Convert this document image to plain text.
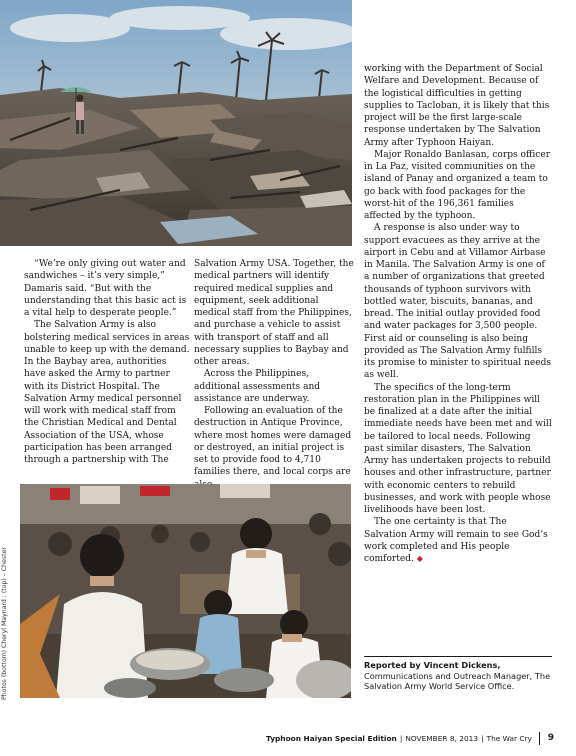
“We’re only giving out water and sandwiches – it’s very simple,” Damaris said. “But with the understanding that this basic act is a vital help to desperate people.”

The Salvation Army is also bolstering medical services in areas unable to keep up with the demand. In the Baybay area, authorities have asked the Army to partner with its District Hospital. The Salvation Army medical personnel will work with medical staff from the Christian Medical and Dental Association of the USA, whose participation has been arranged through a partnership with The

Salvation Army USA. Together, the medical partners will identify required medical supplies and equipment, seek additional medical staff from the Philippines, and purchase a vehicle to assist with transport of staff and all necessary supplies to Baybay and other areas.

Across the Philippines, additional assessments and assistance are underway.

Following an evaluation of the destruction in Antique Province, where most homes were damaged or destroyed, an initial project is set to provide food to 4,710 families there, and local corps are

working with the Department of Social Welfare and Development. Because of the logistical difficulties in getting supplies to Tacloban, it is likely that this project will be the first large-scale response undertaken by The Salvation Army after Typhoon Haiyan.

Major Ronaldo Banlasan, corps officer in La Paz, visited communities on the island of Panay and organized a team to go back with food packages for the worst-hit of the 196,361 families affected by the typhoon.

A response is also under way to support evacuees as they arrive at the airport in Cebu and at Villamor Airbase in Manila. The Salvation Army is one of a number of organizations that greeted thousands of typhoon survivors with bottled water, biscuits, bananas, and bread. The initial outlay provided food and water packages for 3,500 people. First aid or counseling is also being provided as The Salvation Army fulfills its promise to minister to spiritual needs as well.

The specifics of the long-term restoration plan in the Philippines will be finalized at a date after the initial immediate needs have been met and will be tailored to local needs. Following past similar disasters, The Salvation Army has undertaken projects to rebuild houses and other infrastructure, partner with economic centers to rebuild businesses, and work with people whose livelihoods have been lost.

The one certainty is that The Salvation Army will remain to see God’s work completed and His people comforted. ◆

Photos (bottom) Cheryl Maynard ; (top) – Chester	Reported by Vincent Dickens, Communications and Outreach Manager, The Salvation Army World Service Office.
Typhoon Haiyan Special Edition | NOVEMBER 8, 2013 | The War Cry 9
